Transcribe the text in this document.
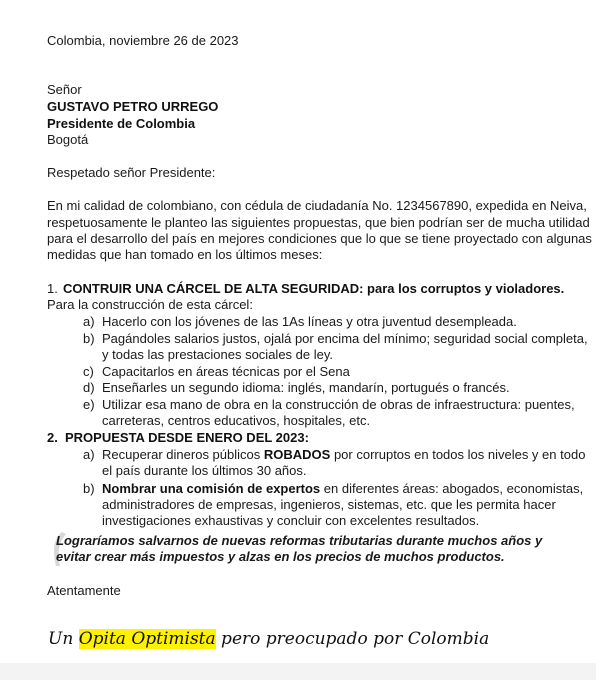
Colombia, noviembre 26 de 2023
Señor
GUSTAVO PETRO URREGO
Presidente de Colombia
Bogotá
Respetado señor Presidente:
En mi calidad de colombiano, con cédula de ciudadanía No. 1234567890, expedida en Neiva,
respetuosamente le planteo las siguientes propuestas, que bien podrían ser de mucha utilidad
para el desarrollo del país en mejores condiciones que lo que se tiene proyectado con algunas
medidas que han tomado en los últimos meses:
1. CONTRUIR UNA CÁRCEL DE ALTA SEGURIDAD: para los corruptos y violadores.
Para la construcción de esta cárcel:
a) Hacerlo con los jóvenes de las 1As líneas y otra juventud desempleada.
b) Pagándoles salarios justos, ojalá por encima del mínimo; seguridad social completa,
y todas las prestaciones sociales de ley.
c) Capacitarlos en áreas técnicas por el Sena
d) Enseñarles un segundo idioma: inglés, mandarín, portugués o francés.
e) Utilizar esa mano de obra en la construcción de obras de infraestructura: puentes,
carreteras, centros educativos, hospitales, etc.
2. PROPUESTA DESDE ENERO DEL 2023:
a) Recuperar dineros públicos ROBADOS por corruptos en todos los niveles y en todo
el país durante los últimos 30 años.
b) Nombrar una comisión de expertos en diferentes áreas: abogados, economistas,
administradores de empresas, ingenieros, sistemas, etc. que les permita hacer
investigaciones exhaustivas y concluir con excelentes resultados.
Lograríamos salvarnos de nuevas reformas tributarias durante muchos años y
evitar crear más impuestos y alzas en los precios de muchos productos.
Atentamente
Un Opita Optimista pero preocupado por Colombia
